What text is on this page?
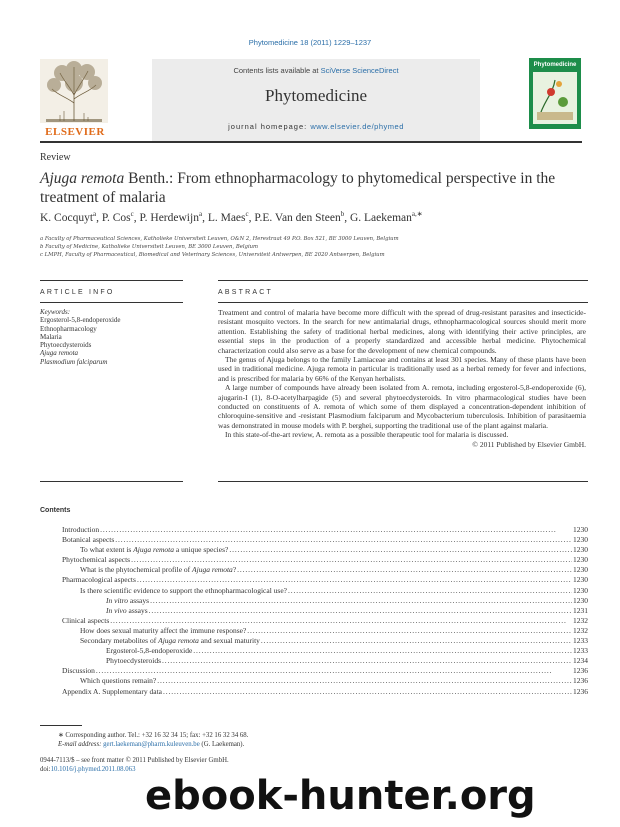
Phytomedicine 18 (2011) 1229–1237
Contents lists available at SciVerse ScienceDirect
Phytomedicine
journal homepage: www.elsevier.de/phymed
ELSEVIER
Phytomedicine
Review
Ajuga remota Benth.: From ethnopharmacology to phytomedical perspective in the treatment of malaria
K. Cocquyt$^a$, P. Cos$^c$, P. Herdewijn$^a$, L. Maes$^c$, P.E. Van den Steen$^b$, G. Laekeman$^{a,∗}$
a Faculty of Pharmaceutical Sciences, Katholieke Universiteit Leuven, O&N 2, Herestraat 49 P.O. Box 521, BE 3000 Leuven, Belgium
b Faculty of Medicine, Katholieke Universiteit Leuven, BE 3000 Leuven, Belgium
c LMPH, Faculty of Pharmaceutical, Biomedical and Veterinary Sciences, Universiteit Antwerpen, BE 2020 Antwerpen, Belgium
ARTICLE INFO
Keywords:
Ergosterol-5,8-endoperoxide
Ethnopharmacology
Malaria
Phytoecdysteroids
Ajuga remota
Plasmodium falciparum
ABSTRACT

Treatment and control of malaria have become more difficult with the spread of drug-resistant parasites and insecticide-resistant mosquito vectors. In the search for new antimalarial drugs, ethnopharmacological sources should merit more attention. Establishing the safety of traditional herbal medicines, along with identifying their active principles, are essential steps in the production of a properly standardized and accessible herbal medicine. Phytochemical characterization could also serve as a base for the development of new chemical compounds.

The genus of Ajuga belongs to the family Lamiaceae and contains at least 301 species. Many of these plants have been used in traditional medicine. Ajuga remota in particular is traditionally used as a herbal remedy for fever and infections, and is prescribed for malaria by 66% of the Kenyan herbalists.

A large number of compounds have already been isolated from A. remota, including ergosterol-5,8-endoperoxide (6), ajugarin-I (1), 8-O-acetylharpagide (5) and several phytoecdysteroids. In vitro pharmacological studies have been conducted on constituents of A. remota of which some of them displayed a concentration-dependent inhibition of chloroquine-sensitive and -resistant Plasmodium falciparum and Mycobacterium tuberculosis. Inhibition of parasitaemia was demonstrated in mouse models with P. berghei, supporting the traditional use of the plant against malaria.

In this state-of-the-art review, A. remota as a possible therapeutic tool for malaria is discussed.

© 2011 Published by Elsevier GmbH.
Contents
Introduction . . .	1230
Botanical aspects . . .	1230
To what extent is Ajuga remota a unique species? . . .	1230
Phytochemical aspects . . .	1230
What is the phytochemical profile of Ajuga remota? . . .	1230
Pharmacological aspects . . .	1230
Is there scientific evidence to support the ethnopharmacological use? . . .	1230
In vitro assays . . .	1230
In vivo assays . . .	1231
Clinical aspects . . .	1232
How does sexual maturity affect the immune response? . . .	1232
Secondary metabolites of Ajuga remota and sexual maturity . . .	1233
Ergosterol-5,8-endoperoxide . . .	1233
Phytoecdysteroids . . .	1234
Discussion . . .	1236
Which questions remain? . . .	1236
Appendix A. Supplementary data . . .	1236
∗ Corresponding author. Tel.: +32 16 32 34 15; fax: +32 16 32 34 68.
E-mail address: gert.laekeman@pharm.kuleuven.be (G. Laekeman).
0944-7113/$ – see front matter © 2011 Published by Elsevier GmbH.
doi:10.1016/j.phymed.2011.08.063
ebook-hunter.org
